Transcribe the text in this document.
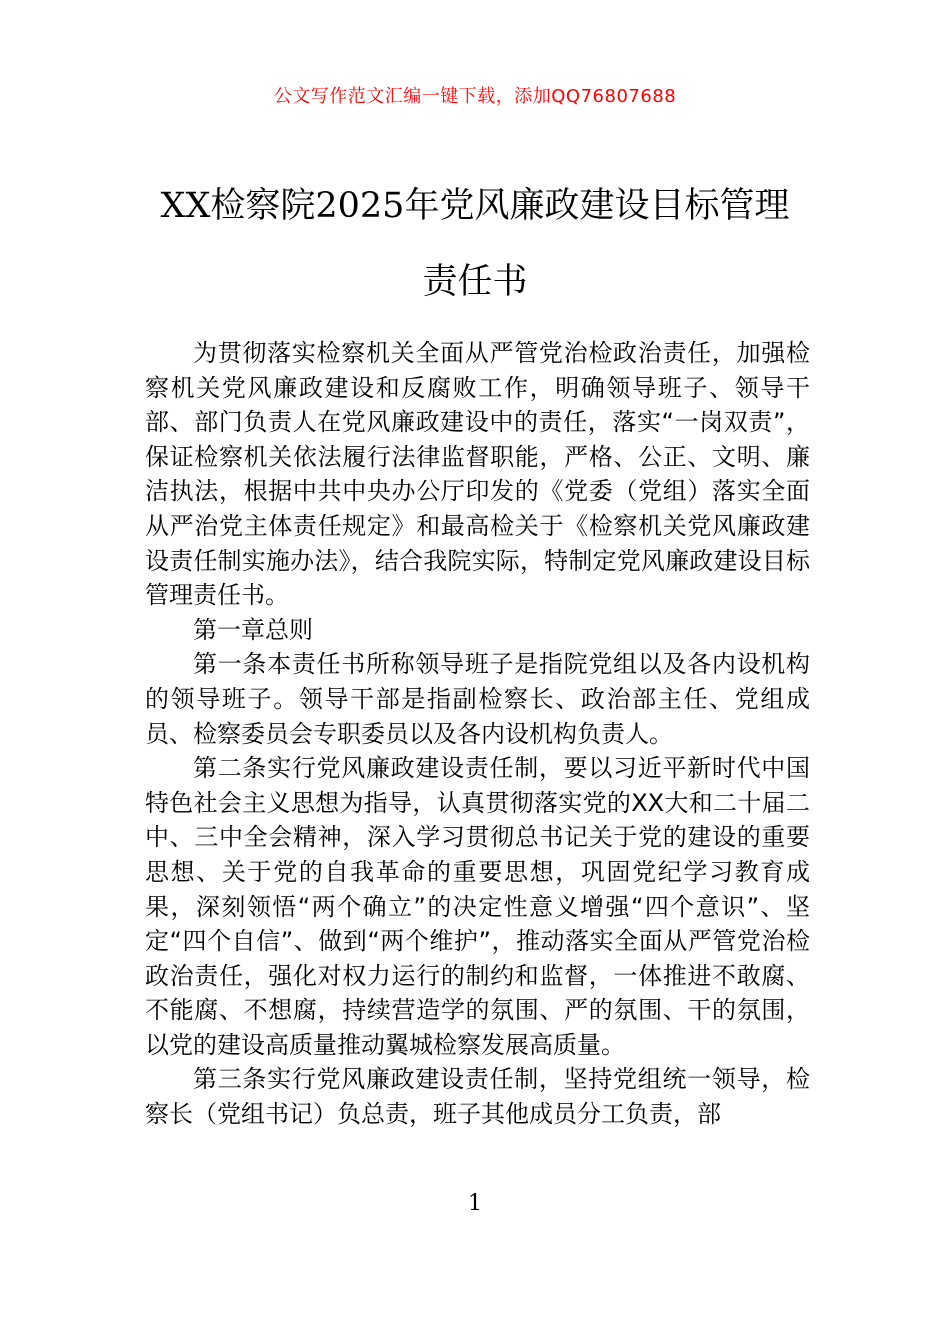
公文写作范文汇编一键下载，添加QQ76807688
XX检察院2025年党风廉政建设目标管理
责任书

为贯彻落实检察机关全面从严管党治检政治责任，加强检察机关党风廉政建设和反腐败工作，明确领导班子、领导干部、部门负责人在党风廉政建设中的责任，落实“一岗双责”，保证检察机关依法履行法律监督职能，严格、公正、文明、廉洁执法，根据中共中央办公厅印发的《党委（党组）落实全面从严治党主体责任规定》和最高检关于《检察机关党风廉政建设责任制实施办法》，结合我院实际，特制定党风廉政建设目标管理责任书。

第一章总则

第一条本责任书所称领导班子是指院党组以及各内设机构的领导班子。领导干部是指副检察长、政治部主任、党组成员、检察委员会专职委员以及各内设机构负责人。

第二条实行党风廉政建设责任制，要以习近平新时代中国特色社会主义思想为指导，认真贯彻落实党的XX大和二十届二中、三中全会精神，深入学习贯彻总书记关于党的建设的重要思想、关于党的自我革命的重要思想，巩固党纪学习教育成果，深刻领悟“两个确立”的决定性意义增强“四个意识”、坚定“四个自信”、做到“两个维护”，推动落实全面从严管党治检政治责任，强化对权力运行的制约和监督，一体推进不敢腐、不能腐、不想腐，持续营造学的氛围、严的氛围、干的氛围，以党的建设高质量推动翼城检察发展高质量。

第三条实行党风廉政建设责任制，坚持党组统一领导，检察长（党组书记）负总责，班子其他成员分工负责，部

1
